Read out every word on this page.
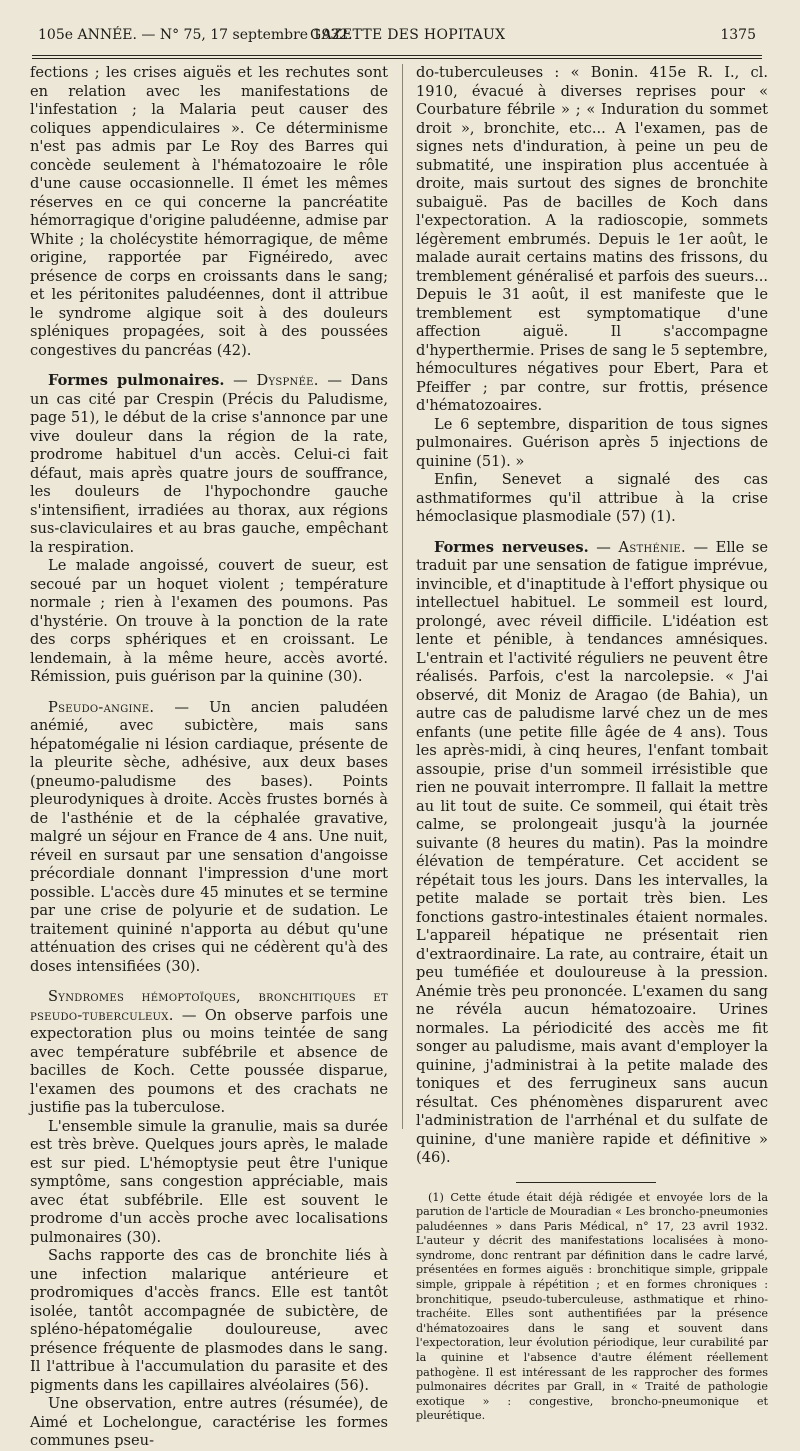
105e ANNÉE. — N° 75, 17 septembre 1932.
GAZETTE DES HOPITAUX	1375

fections ; les crises aiguës et les rechutes sont en relation avec les manifestations de l'infestation ; la Malaria peut causer des coliques appendiculaires ». Ce déterminisme n'est pas admis par Le Roy des Barres qui concède seulement à l'hématozoaire le rôle d'une cause occasionnelle. Il émet les mêmes réserves en ce qui concerne la pancréatite hémorragique d'origine paludéenne, admise par White ; la cholécystite hémorragique, de même origine, rapportée par Fignéiredo, avec présence de corps en croissants dans le sang; et les péritonites paludéennes, dont il attribue le syndrome algique soit à des douleurs spléniques propagées, soit à des poussées congestives du pancréas (42).

Formes pulmonaires. — Dyspnée. — Dans un cas cité par Crespin (Précis du Paludisme, page 51), le début de la crise s'annonce par une vive douleur dans la région de la rate, prodrome habituel d'un accès. Celui-ci fait défaut, mais après quatre jours de souffrance, les douleurs de l'hypochondre gauche s'intensifient, irradiées au thorax, aux régions sus-claviculaires et au bras gauche, empêchant la respiration.

Le malade angoissé, couvert de sueur, est secoué par un hoquet violent ; température normale ; rien à l'examen des poumons. Pas d'hystérie. On trouve à la ponction de la rate des corps sphériques et en croissant. Le lendemain, à la même heure, accès avorté. Rémission, puis guérison par la quinine (30).

Pseudo-angine. — Un ancien paludéen anémié, avec subictère, mais sans hépatomégalie ni lésion cardiaque, présente de la pleurite sèche, adhésive, aux deux bases (pneumo-paludisme des bases). Points pleurodyniques à droite. Accès frustes bornés à de l'asthénie et de la céphalée gravative, malgré un séjour en France de 4 ans. Une nuit, réveil en sursaut par une sensation d'angoisse précordiale donnant l'impression d'une mort possible. L'accès dure 45 minutes et se termine par une crise de polyurie et de sudation. Le traitement quininé n'apporta au début qu'une atténuation des crises qui ne cédèrent qu'à des doses intensifiées (30).

Syndromes hémoptoïques, bronchitiques et pseudo-tuberculeux. — On observe parfois une expectoration plus ou moins teintée de sang avec température subfébrile et absence de bacilles de Koch. Cette poussée disparue, l'examen des poumons et des crachats ne justifie pas la tuberculose.

L'ensemble simule la granulie, mais sa durée est très brève. Quelques jours après, le malade est sur pied. L'hémoptysie peut être l'unique symptôme, sans congestion appréciable, mais avec état subfébrile. Elle est souvent le prodrome d'un accès proche avec localisations pulmonaires (30).

Sachs rapporte des cas de bronchite liés à une infection malarique antérieure et prodromiques d'accès francs. Elle est tantôt isolée, tantôt accompagnée de subictère, de spléno-hépatomégalie douloureuse, avec présence fréquente de plasmodes dans le sang. Il l'attribue à l'accumulation du parasite et des pigments dans les capillaires alvéolaires (56).

Une observation, entre autres (résumée), de Aimé et Lochelongue, caractérise les formes communes pseu-

do-tuberculeuses : « Bonin. 415e R. I., cl. 1910, évacué à diverses reprises pour « Courbature fébrile » ; « Induration du sommet droit », bronchite, etc... A l'examen, pas de signes nets d'induration, à peine un peu de submatité, une inspiration plus accentuée à droite, mais surtout des signes de bronchite subaiguë. Pas de bacilles de Koch dans l'expectoration. A la radioscopie, sommets légèrement embrumés. Depuis le 1er août, le malade aurait certains matins des frissons, du tremblement généralisé et parfois des sueurs... Depuis le 31 août, il est manifeste que le tremblement est symptomatique d'une affection aiguë. Il s'accompagne d'hyperthermie. Prises de sang le 5 septembre, hémocultures négatives pour Ebert, Para et Pfeiffer ; par contre, sur frottis, présence d'hématozoaires.

Le 6 septembre, disparition de tous signes pulmonaires. Guérison après 5 injections de quinine (51). »

Enfin, Senevet a signalé des cas asthmatiformes qu'il attribue à la crise hémoclasique plasmodiale (57) (1).

Formes nerveuses. — Asthénie. — Elle se traduit par une sensation de fatigue imprévue, invincible, et d'inaptitude à l'effort physique ou intellectuel habituel. Le sommeil est lourd, prolongé, avec réveil difficile. L'idéation est lente et pénible, à tendances amnésiques. L'entrain et l'activité réguliers ne peuvent être réalisés. Parfois, c'est la narcolepsie. « J'ai observé, dit Moniz de Aragao (de Bahia), un autre cas de paludisme larvé chez un de mes enfants (une petite fille âgée de 4 ans). Tous les après-midi, à cinq heures, l'enfant tombait assoupie, prise d'un sommeil irrésistible que rien ne pouvait interrompre. Il fallait la mettre au lit tout de suite. Ce sommeil, qui était très calme, se prolongeait jusqu'à la journée suivante (8 heures du matin). Pas la moindre élévation de température. Cet accident se répétait tous les jours. Dans les intervalles, la petite malade se portait très bien. Les fonctions gastro-intestinales étaient normales. L'appareil hépatique ne présentait rien d'extraordinaire. La rate, au contraire, était un peu tuméfiée et douloureuse à la pression. Anémie très peu prononcée. L'examen du sang ne révéla aucun hématozoaire. Urines normales. La périodicité des accès me fit songer au paludisme, mais avant d'employer la quinine, j'administrai à la petite malade des toniques et des ferrugineux sans aucun résultat. Ces phénomènes disparurent avec l'administration de l'arrhénal et du sulfate de quinine, d'une manière rapide et définitive » (46).

(1) Cette étude était déjà rédigée et envoyée lors de la parution de l'article de Mouradian « Les broncho-pneumonies paludéennes » dans Paris Médical, n° 17, 23 avril 1932. L'auteur y décrit des manifestations localisées à mono-syndrome, donc rentrant par définition dans le cadre larvé, présentées en formes aiguës : bronchitique simple, grippale simple, grippale à répétition ; et en formes chroniques : bronchitique, pseudo-tuberculeuse, asthmatique et rhino-trachéite. Elles sont authentifiées par la présence d'hématozoaires dans le sang et souvent dans l'expectoration, leur évolution périodique, leur curabilité par la quinine et l'absence d'autre élément réellement pathogène. Il est intéressant de les rapprocher des formes pulmonaires décrites par Grall, in « Traité de pathologie exotique » : congestive, broncho-pneumonique et pleurétique.
